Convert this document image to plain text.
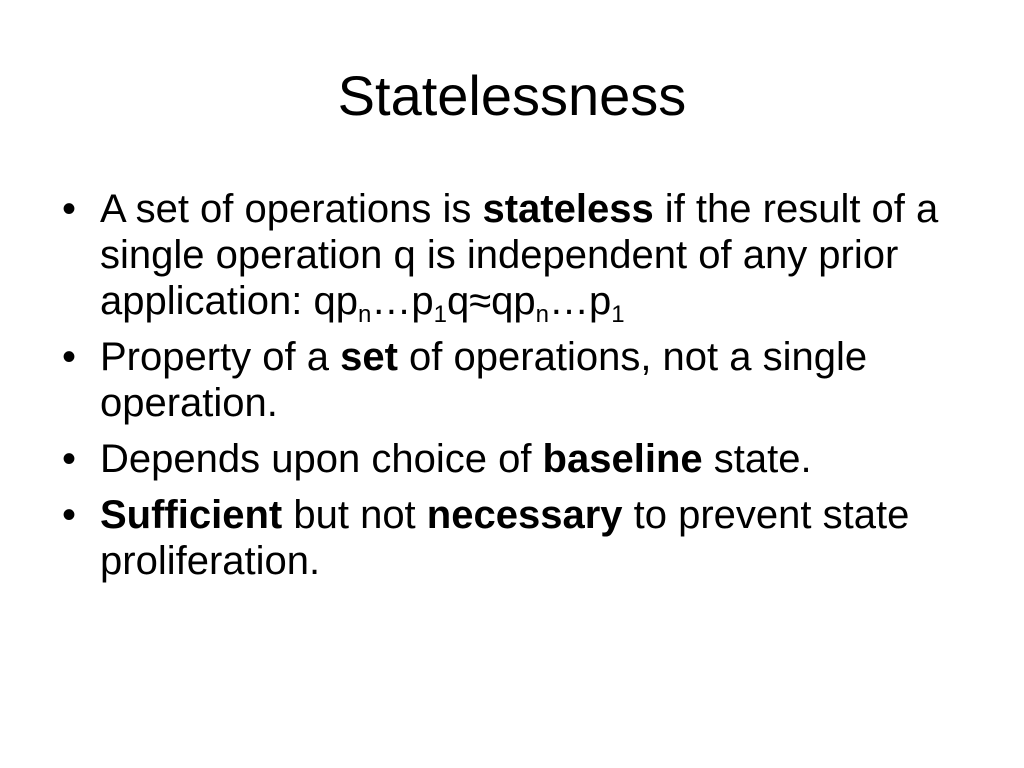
Statelessness
• A set of operations is stateless if the result of a single operation q is independent of any prior application: $qp_n\dots p_1q\approx qp_n\dots p_1$
• Property of a set of operations, not a single operation.
• Depends upon choice of baseline state.
• Sufficient but not necessary to prevent state proliferation.
